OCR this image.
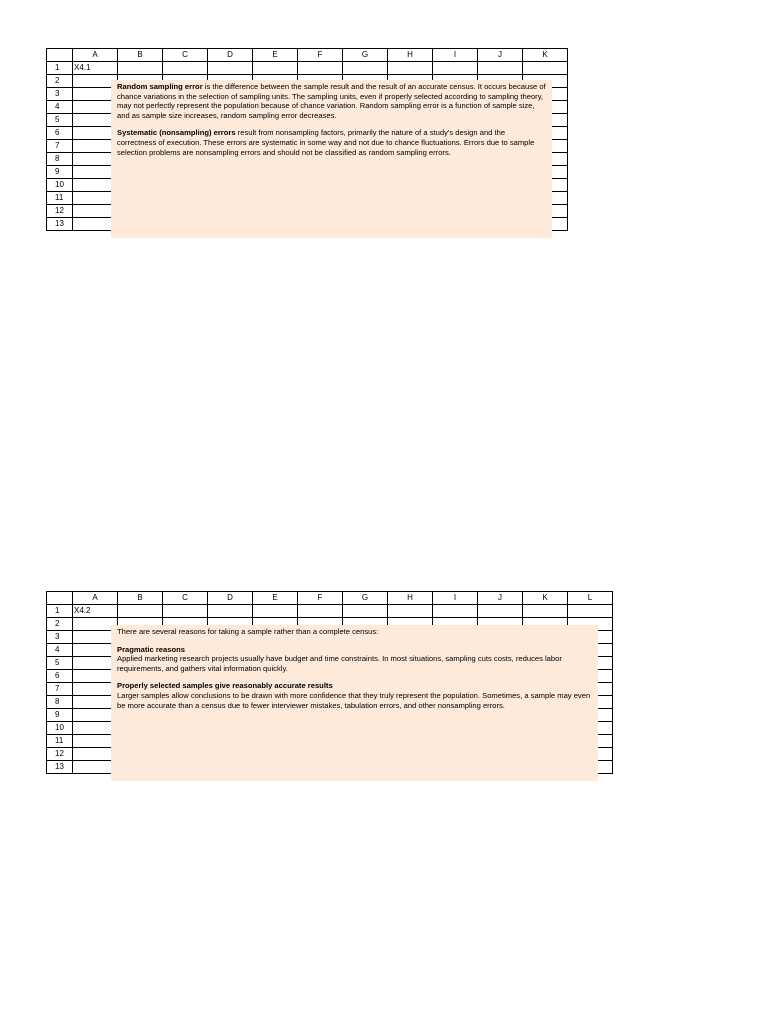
	A	B	C	D	E	F	G	H	I	J	K
1	X4.1										
2											
3											
4											
5											
6											
7											
8											
9											
10											
11											
12											
13											

Random sampling error is the difference between the sample result and the result of an accurate census. It occurs because of chance variations in the selection of sampling units. The sampling units, even if properly selected according to sampling theory, may not perfectly represent the population because of chance variation. Random sampling error is a function of sample size, and as sample size increases, random sampling error decreases.

Systematic (nonsampling) errors result from nonsampling factors, primarily the nature of a study's design and the correctness of execution. These errors are systematic in some way and not due to chance fluctuations. Errors due to sample selection problems are nonsampling errors and should not be classified as random sampling errors.

	A	B	C	D	E	F	G	H	I	J	K	L
1	X4.2											
2												
3												
4												
5												
6												
7												
8												
9												
10												
11												
12												
13												

There are several reasons for taking a sample rather than a complete census:

Pragmatic reasons

Applied marketing research projects usually have budget and time constraints. In most situations, sampling cuts costs, reduces labor requirements, and gathers vital information quickly.

Properly selected samples give reasonably accurate results

Larger samples allow conclusions to be drawn with more confidence that they truly represent the population. Sometimes, a sample may even be more accurate than a census due to fewer interviewer mistakes, tabulation errors, and other nonsampling errors.
